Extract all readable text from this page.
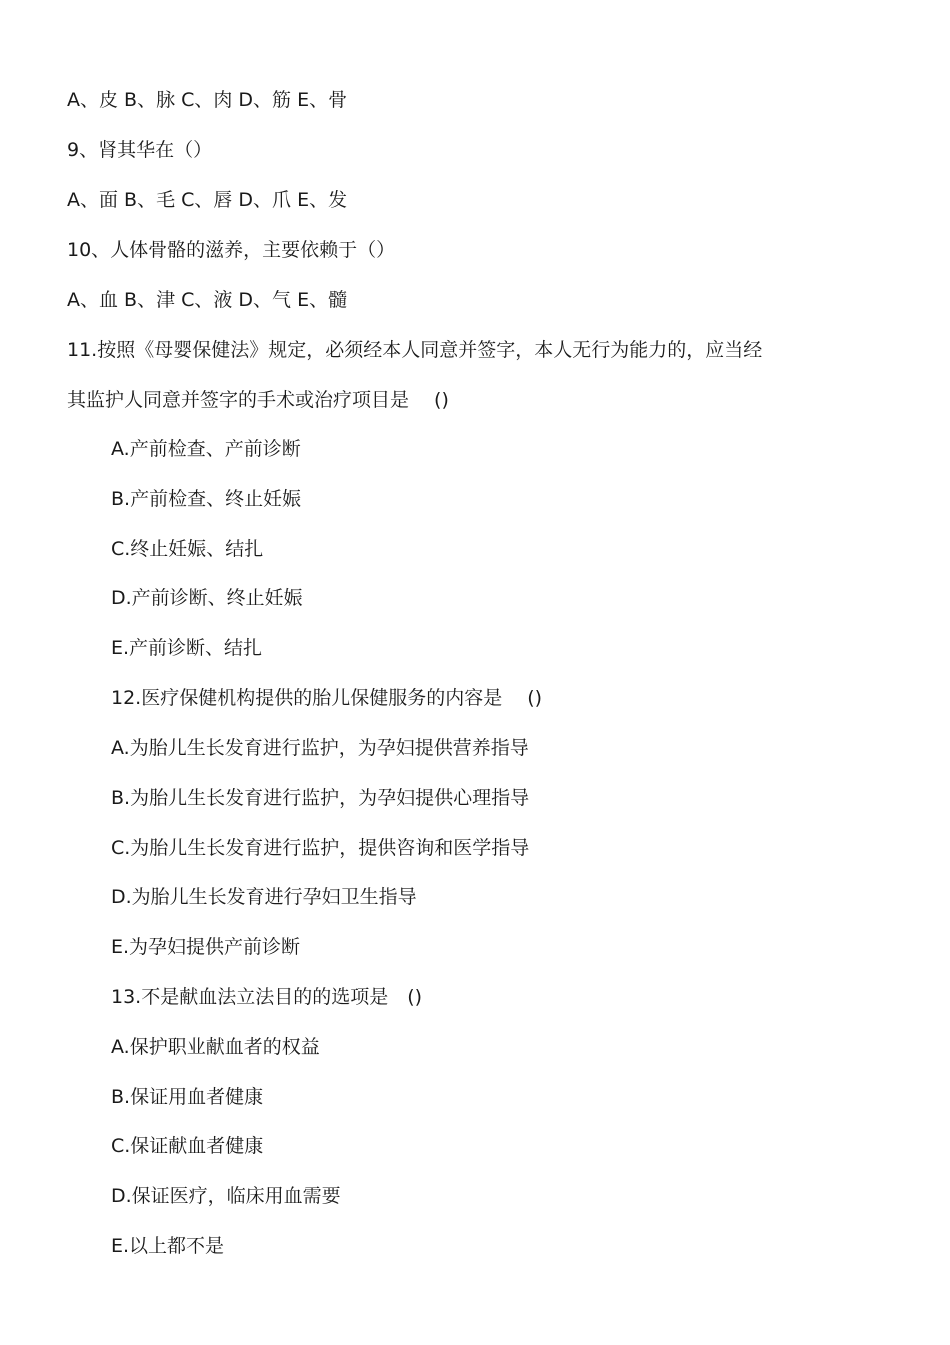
A、皮 B、脉 C、肉 D、筋 E、骨
9、肾其华在（）
A、面 B、毛 C、唇 D、爪 E、发
10、人体骨骼的滋养，主要依赖于（）
A、血 B、津 C、液 D、气 E、髓
11.按照《母婴保健法》规定，必须经本人同意并签字，本人无行为能力的，应当经
其监护人同意并签字的手术或治疗项目是　 ()
A.产前检查、产前诊断
B.产前检查、终止妊娠
C.终止妊娠、结扎
D.产前诊断、终止妊娠
E.产前诊断、结扎
12.医疗保健机构提供的胎儿保健服务的内容是　 ()
A.为胎儿生长发育进行监护，为孕妇提供营养指导
B.为胎儿生长发育进行监护，为孕妇提供心理指导
C.为胎儿生长发育进行监护，提供咨询和医学指导
D.为胎儿生长发育进行孕妇卫生指导
E.为孕妇提供产前诊断
13.不是献血法立法目的的选项是　()
A.保护职业献血者的权益
B.保证用血者健康
C.保证献血者健康
D.保证医疗，临床用血需要
E.以上都不是
